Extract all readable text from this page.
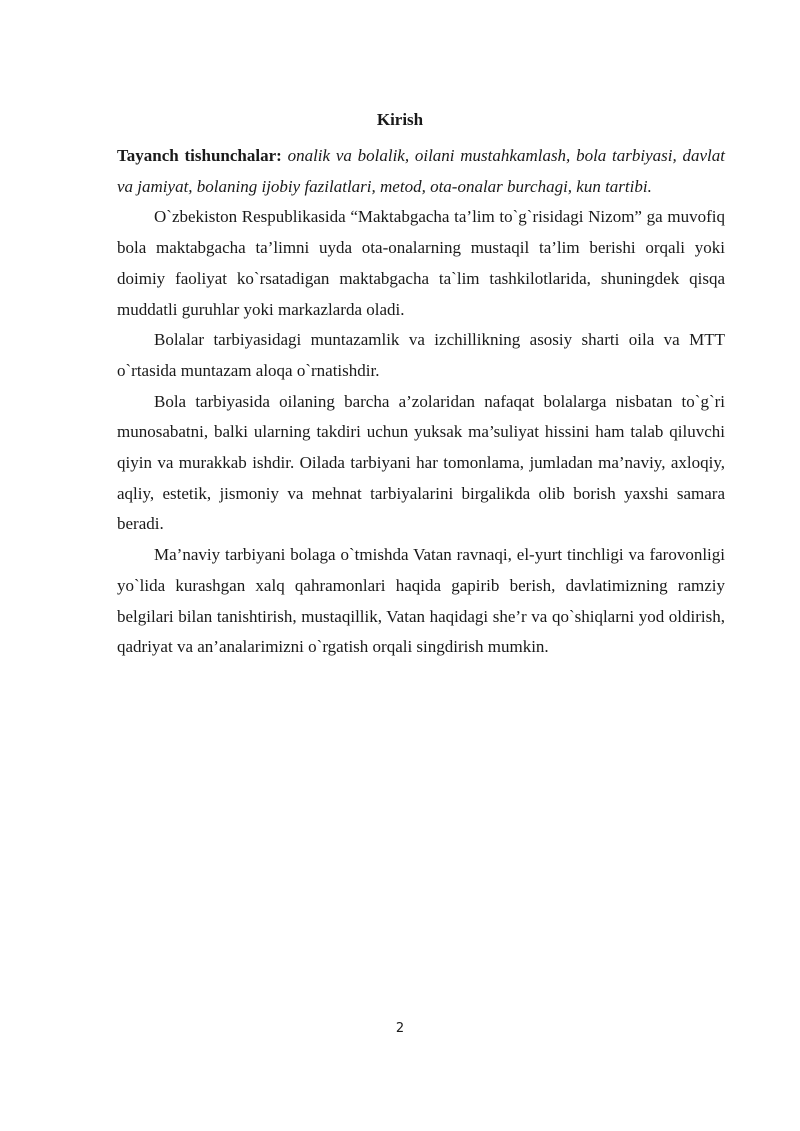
Kirish

Tayanch tishunchalar: onalik va bolalik, oilani mustahkamlash, bola tarbiyasi, davlat va jamiyat, bolaning ijobiy fazilatlari, metod, ota-onalar burchagi, kun tartibi.

O`zbekiston Respublikasida “Maktabgacha ta’lim to`g`risidagi Nizom” ga muvofiq bola maktabgacha ta’limni uyda ota-onalarning mustaqil ta’lim berishi orqali yoki doimiy faoliyat ko`rsatadigan maktabgacha ta`lim tashkilotlarida, shuningdek qisqa muddatli guruhlar yoki markazlarda oladi.

Bolalar tarbiyasidagi muntazamlik va izchillikning asosiy sharti oila va MTT o`rtasida muntazam aloqa o`rnatishdir.

Bola tarbiyasida oilaning barcha a’zolaridan nafaqat bolalarga nisbatan to`g`ri munosabatni, balki ularning takdiri uchun yuksak ma’suliyat hissini ham talab qiluvchi qiyin va murakkab ishdir. Oilada tarbiyani har tomonlama, jumladan ma’naviy, axloqiy, aqliy, estetik, jismoniy va mehnat tarbiyalarini birgalikda olib borish yaxshi samara beradi.

Ma’naviy tarbiyani bolaga o`tmishda Vatan ravnaqi, el-yurt tinchligi va farovonligi yo`lida kurashgan xalq qahramonlari haqida gapirib berish, davlatimizning ramziy belgilari bilan tanishtirish, mustaqillik, Vatan haqidagi she’r va qo`shiqlarni yod oldirish, qadriyat va an’analarimizni o`rgatish orqali singdirish mumkin.

2
